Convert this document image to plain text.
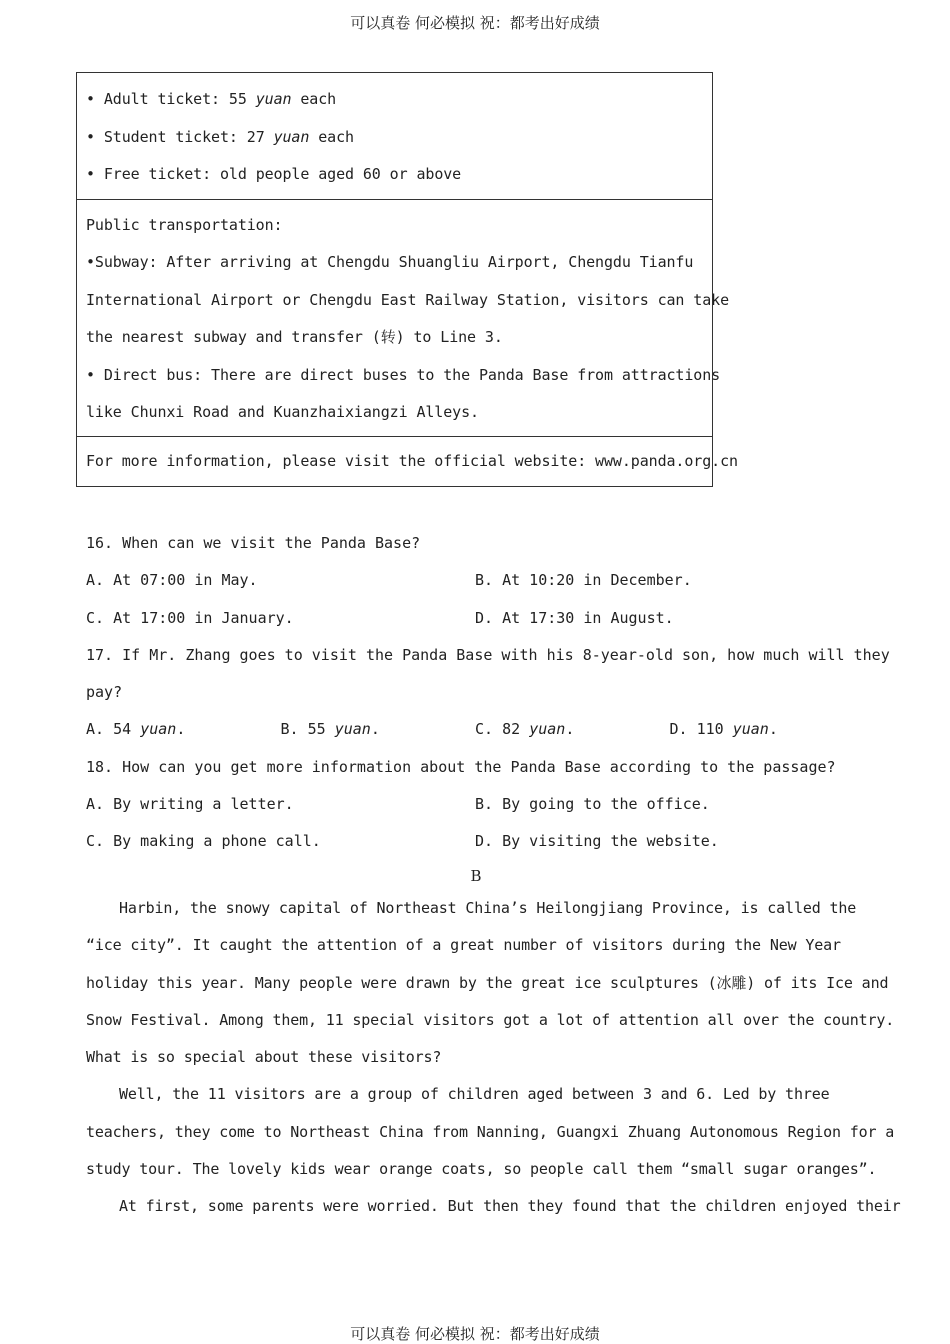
可以真卷 何必模拟 祝：都考出好成绩
• Adult ticket: 55 yuan each
• Student ticket: 27 yuan each
• Free ticket: old people aged 60 or above
Public transportation:
•Subway: After arriving at Chengdu Shuangliu Airport, Chengdu Tianfu
International Airport or Chengdu East Railway Station, visitors can take
the nearest subway and transfer (转) to Line 3.
• Direct bus: There are direct buses to the Panda Base from attractions
like Chunxi Road and Kuanzhaixiangzi Alleys.
For more information, please visit the official website: www.panda.org.cn
16. When can we visit the Panda Base?
A. At 07:00 in May.	B. At 10:20 in December.
C. At 17:00 in January.	D. At 17:30 in August.
17. If Mr. Zhang goes to visit the Panda Base with his 8-year-old son, how much will they
pay?
A. 54 yuan.	B. 55 yuan.	C. 82 yuan.	D. 110 yuan.
18. How can you get more information about the Panda Base according to the passage?
A. By writing a letter.	B. By going to the office.
C. By making a phone call.	D. By visiting the website.
B
Harbin, the snowy capital of Northeast China’s Heilongjiang Province, is called the
“ice city”. It caught the attention of a great number of visitors during the New Year
holiday this year. Many people were drawn by the great ice sculptures (冰雕) of its Ice and
Snow Festival. Among them, 11 special visitors got a lot of attention all over the country.
What is so special about these visitors?
Well, the 11 visitors are a group of children aged between 3 and 6. Led by three
teachers, they come to Northeast China from Nanning, Guangxi Zhuang Autonomous Region for a
study tour. The lovely kids wear orange coats, so people call them “small sugar oranges”.
At first, some parents were worried. But then they found that the children enjoyed their
可以真卷 何必模拟 祝：都考出好成绩
